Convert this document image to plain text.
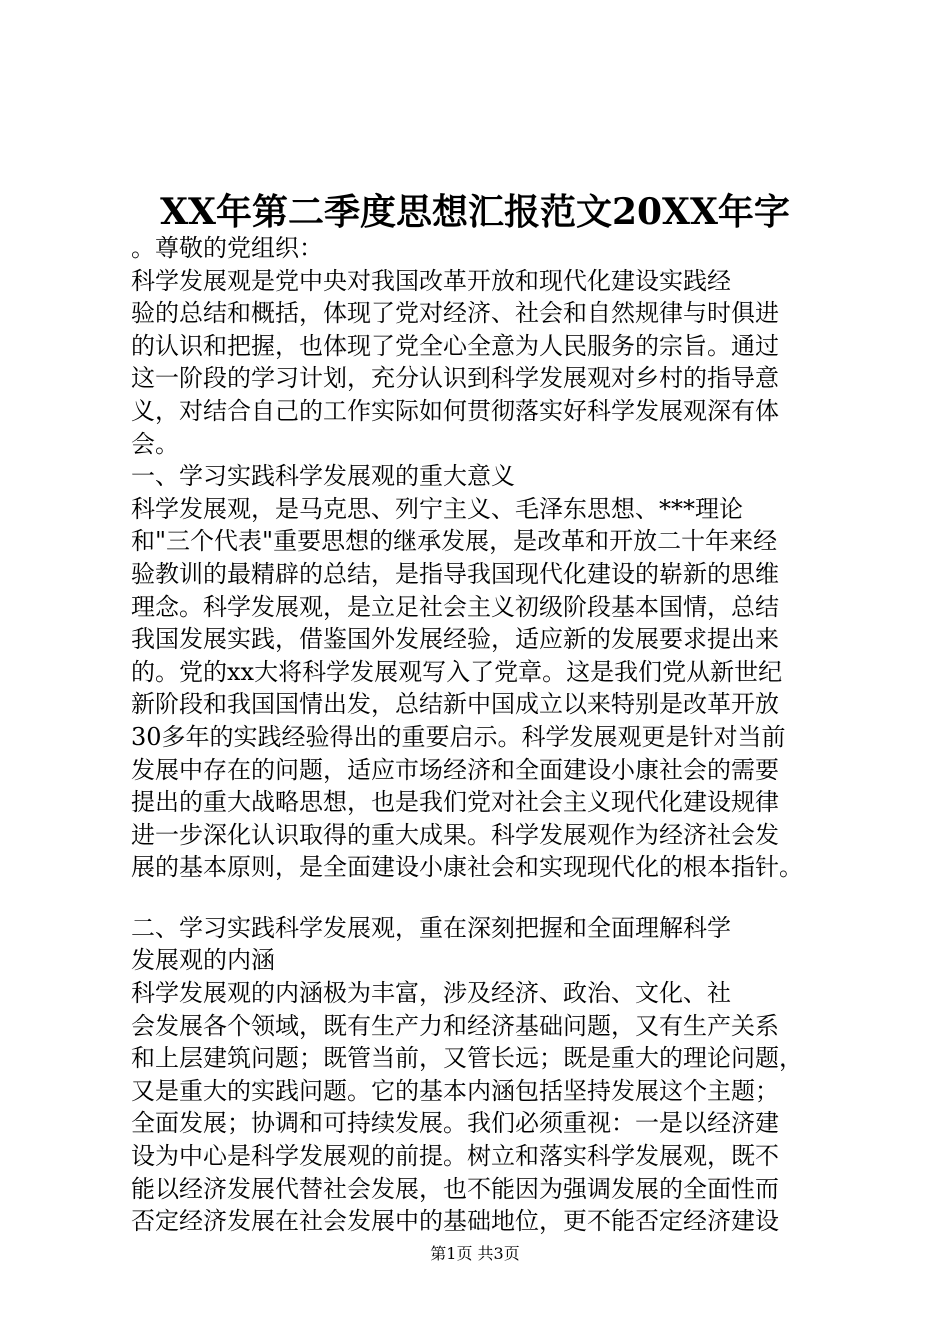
XX年第二季度思想汇报范文20XX年字

。尊敬的党组织：

科学发展观是党中央对我国改革开放和现代化建设实践经

验的总结和概括，体现了党对经济、社会和自然规律与时俱进

的认识和把握，也体现了党全心全意为人民服务的宗旨。通过

这一阶段的学习计划，充分认识到科学发展观对乡村的指导意

义，对结合自己的工作实际如何贯彻落实好科学发展观深有体

会。

一、学习实践科学发展观的重大意义

科学发展观，是马克思、列宁主义、毛泽东思想、***理论

和"三个代表"重要思想的继承发展，是改革和开放二十年来经

验教训的最精辟的总结，是指导我国现代化建设的崭新的思维

理念。科学发展观，是立足社会主义初级阶段基本国情，总结

我国发展实践，借鉴国外发展经验，适应新的发展要求提出来

的。党的xx大将科学发展观写入了党章。这是我们党从新世纪

新阶段和我国国情出发，总结新中国成立以来特别是改革开放

30多年的实践经验得出的重要启示。科学发展观更是针对当前

发展中存在的问题，适应市场经济和全面建设小康社会的需要

提出的重大战略思想，也是我们党对社会主义现代化建设规律

进一步深化认识取得的重大成果。科学发展观作为经济社会发

展的基本原则，是全面建设小康社会和实现现代化的根本指针。

二、学习实践科学发展观，重在深刻把握和全面理解科学

发展观的内涵

科学发展观的内涵极为丰富，涉及经济、政治、文化、社

会发展各个领域，既有生产力和经济基础问题，又有生产关系

和上层建筑问题；既管当前，又管长远；既是重大的理论问题，

又是重大的实践问题。它的基本内涵包括坚持发展这个主题；

全面发展；协调和可持续发展。我们必须重视：一是以经济建

设为中心是科学发展观的前提。树立和落实科学发展观，既不

能以经济发展代替社会发展，也不能因为强调发展的全面性而

否定经济发展在社会发展中的基础地位，更不能否定经济建设

第1页 共3页
